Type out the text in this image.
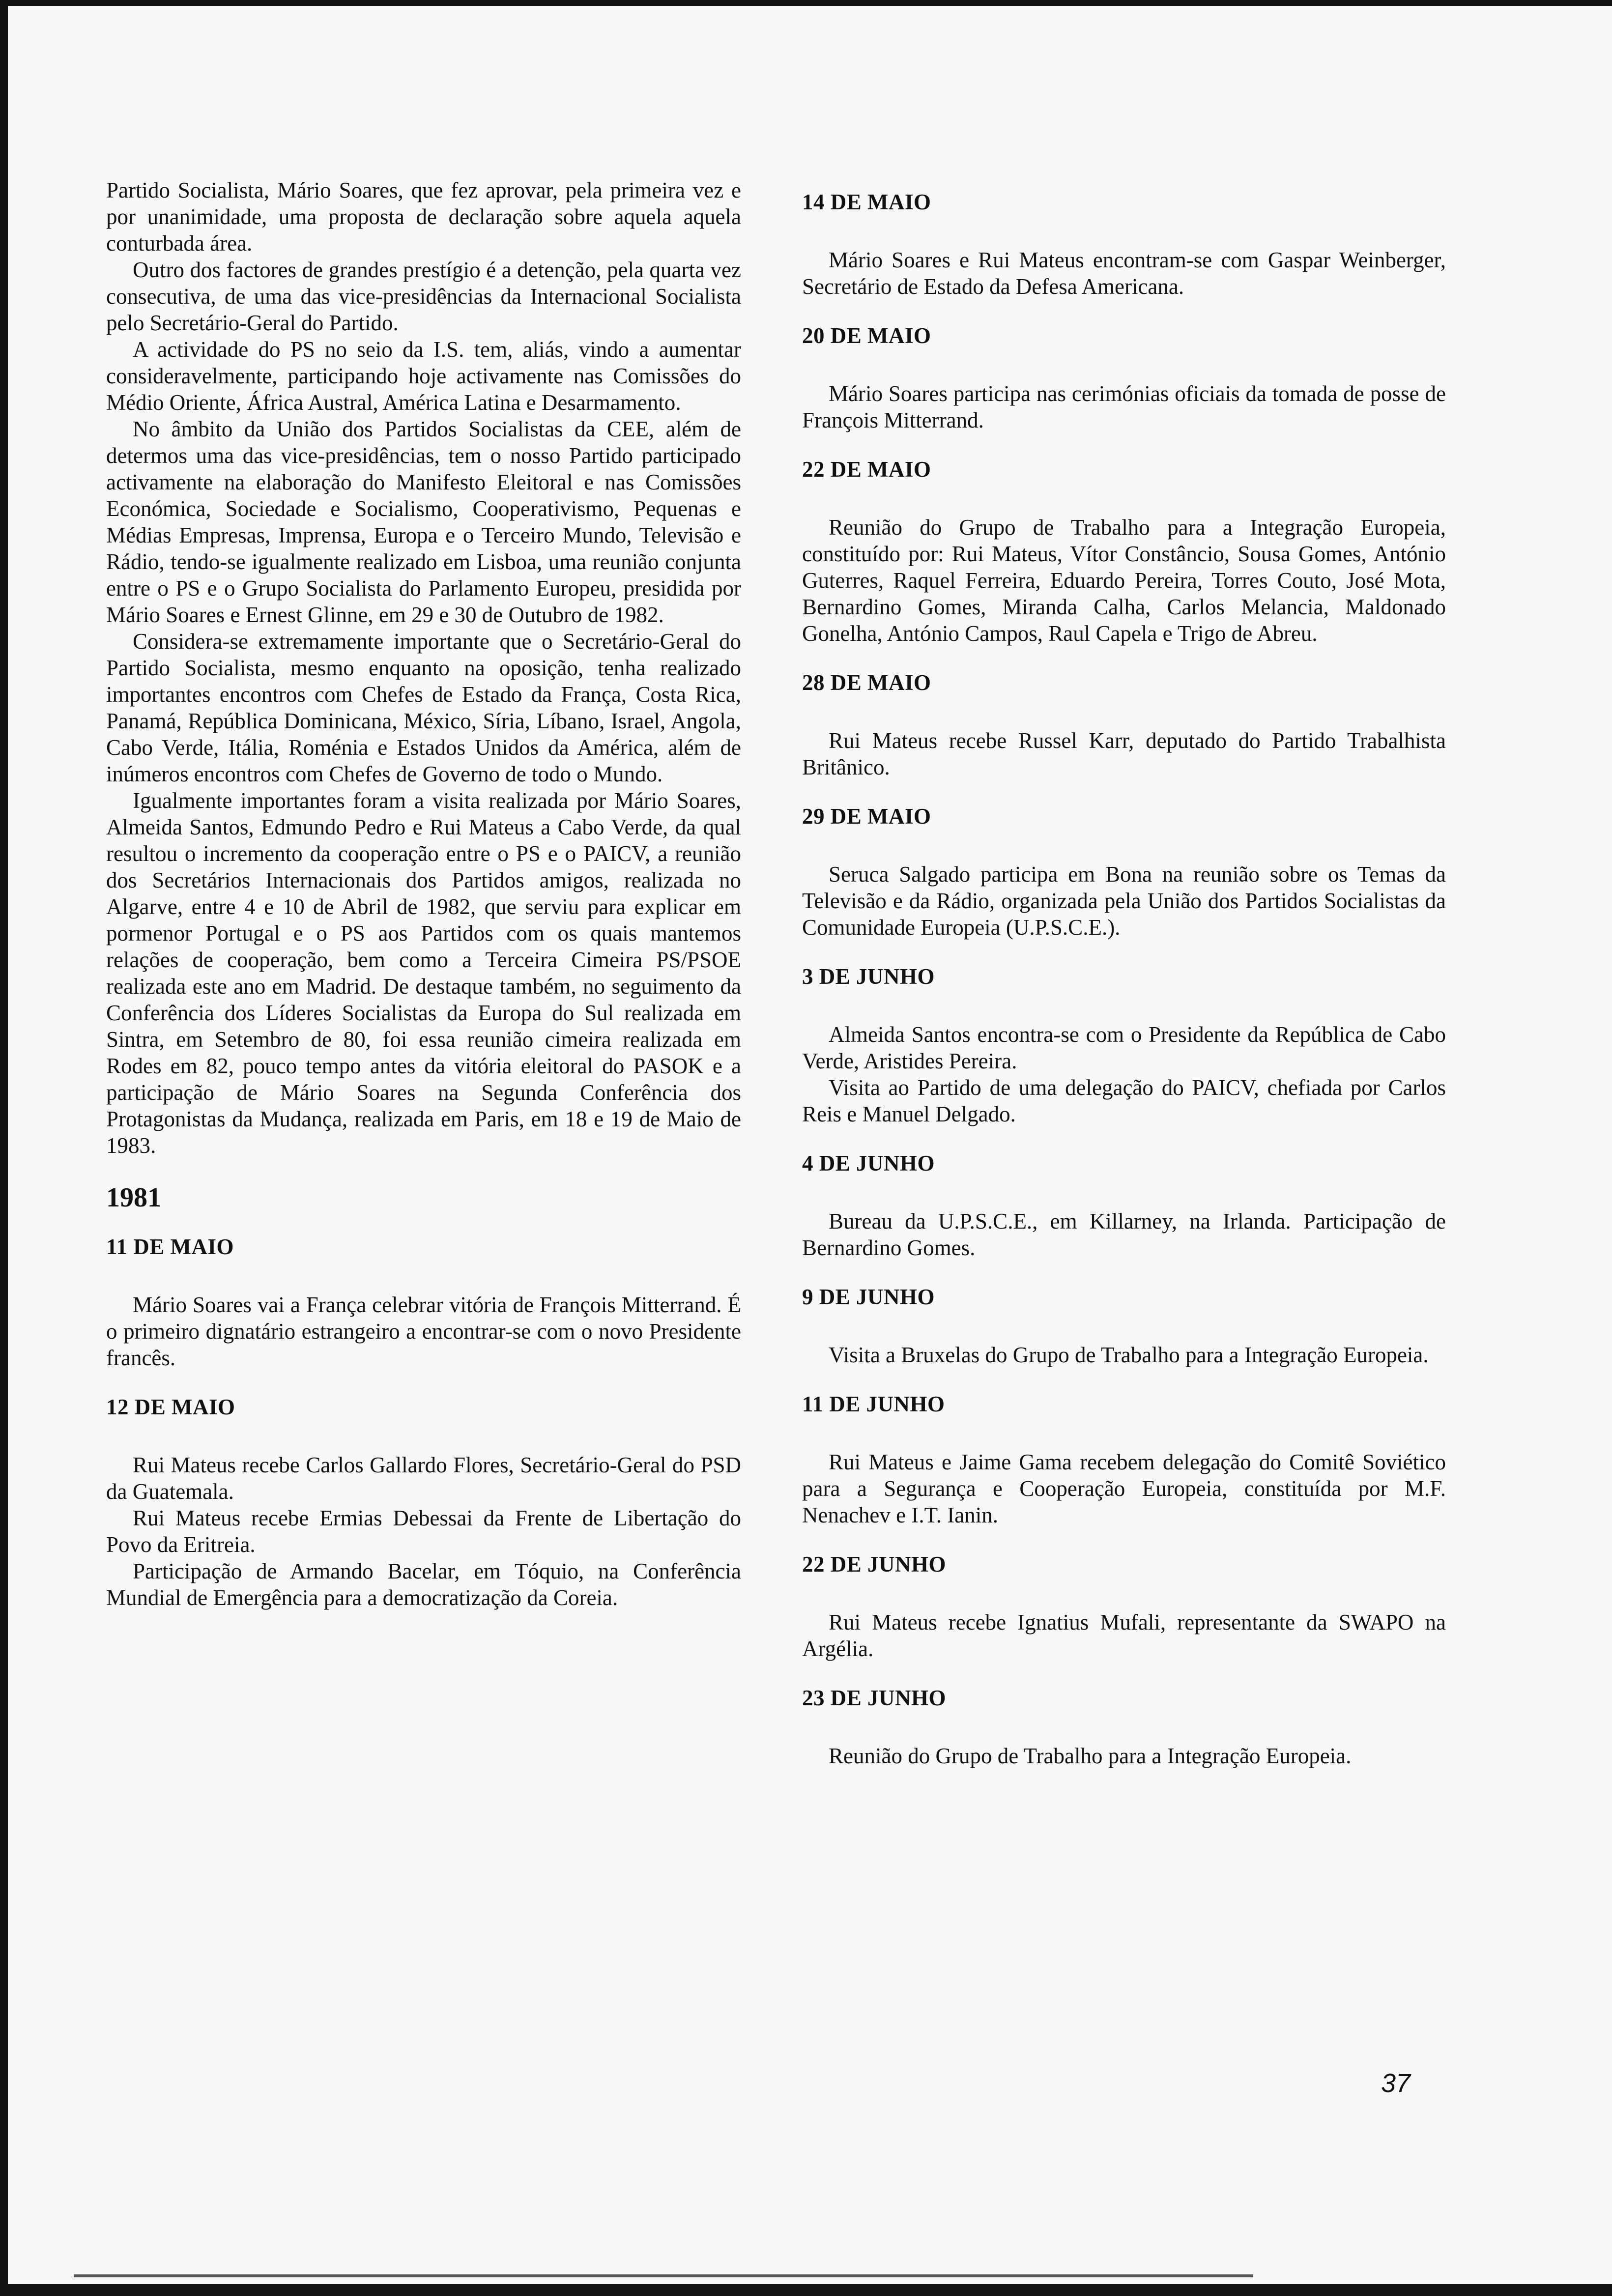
Partido Socialista, Mário Soares, que fez aprovar, pela primeira vez e por unanimidade, uma proposta de declaração sobre aquela aquela conturbada área.

Outro dos factores de grandes prestígio é a detenção, pela quarta vez consecutiva, de uma das vice-presidências da Internacional Socialista pelo Secretário-Geral do Partido.

A actividade do PS no seio da I.S. tem, aliás, vindo a aumentar consideravelmente, participando hoje activamente nas Comissões do Médio Oriente, África Austral, América Latina e Desarmamento.

No âmbito da União dos Partidos Socialistas da CEE, além de determos uma das vice-presidências, tem o nosso Partido participado activamente na elaboração do Manifesto Eleitoral e nas Comissões Económica, Sociedade e Socialismo, Cooperativismo, Pequenas e Médias Empresas, Imprensa, Europa e o Terceiro Mundo, Televisão e Rádio, tendo-se igualmente realizado em Lisboa, uma reunião conjunta entre o PS e o Grupo Socialista do Parlamento Europeu, presidida por Mário Soares e Ernest Glinne, em 29 e 30 de Outubro de 1982.

Considera-se extremamente importante que o Secretário-Geral do Partido Socialista, mesmo enquanto na oposição, tenha realizado importantes encontros com Chefes de Estado da França, Costa Rica, Panamá, República Dominicana, México, Síria, Líbano, Israel, Angola, Cabo Verde, Itália, Roménia e Estados Unidos da América, além de inúmeros encontros com Chefes de Governo de todo o Mundo.

Igualmente importantes foram a visita realizada por Mário Soares, Almeida Santos, Edmundo Pedro e Rui Mateus a Cabo Verde, da qual resultou o incremento da cooperação entre o PS e o PAICV, a reunião dos Secretários Internacionais dos Partidos amigos, realizada no Algarve, entre 4 e 10 de Abril de 1982, que serviu para explicar em pormenor Portugal e o PS aos Partidos com os quais mantemos relações de cooperação, bem como a Terceira Cimeira PS/PSOE realizada este ano em Madrid. De destaque também, no seguimento da Conferência dos Líderes Socialistas da Europa do Sul realizada em Sintra, em Setembro de 80, foi essa reunião cimeira realizada em Rodes em 82, pouco tempo antes da vitória eleitoral do PASOK e a participação de Mário Soares na Segunda Conferência dos Protagonistas da Mudança, realizada em Paris, em 18 e 19 de Maio de 1983.

1981
11 DE MAIO

Mário Soares vai a França celebrar vitória de François Mitterrand. É o primeiro dignatário estrangeiro a encontrar-se com o novo Presidente francês.

12 DE MAIO

Rui Mateus recebe Carlos Gallardo Flores, Secretário-Geral do PSD da Guatemala.

Rui Mateus recebe Ermias Debessai da Frente de Libertação do Povo da Eritreia.

Participação de Armando Bacelar, em Tóquio, na Conferência Mundial de Emergência para a democratização da Coreia.

14 DE MAIO

Mário Soares e Rui Mateus encontram-se com Gaspar Weinberger, Secretário de Estado da Defesa Americana.

20 DE MAIO

Mário Soares participa nas cerimónias oficiais da tomada de posse de François Mitterrand.

22 DE MAIO

Reunião do Grupo de Trabalho para a Integração Europeia, constituído por: Rui Mateus, Vítor Constâncio, Sousa Gomes, António Guterres, Raquel Ferreira, Eduardo Pereira, Torres Couto, José Mota, Bernardino Gomes, Miranda Calha, Carlos Melancia, Maldonado Gonelha, António Campos, Raul Capela e Trigo de Abreu.

28 DE MAIO

Rui Mateus recebe Russel Karr, deputado do Partido Trabalhista Britânico.

29 DE MAIO

Seruca Salgado participa em Bona na reunião sobre os Temas da Televisão e da Rádio, organizada pela União dos Partidos Socialistas da Comunidade Europeia (U.P.S.C.E.).

3 DE JUNHO

Almeida Santos encontra-se com o Presidente da República de Cabo Verde, Aristides Pereira.

Visita ao Partido de uma delegação do PAICV, chefiada por Carlos Reis e Manuel Delgado.

4 DE JUNHO

Bureau da U.P.S.C.E., em Killarney, na Irlanda. Participação de Bernardino Gomes.

9 DE JUNHO

Visita a Bruxelas do Grupo de Trabalho para a Integração Europeia.

11 DE JUNHO

Rui Mateus e Jaime Gama recebem delegação do Comitê Soviético para a Segurança e Cooperação Europeia, constituída por M.F. Nenachev e I.T. Ianin.

22 DE JUNHO

Rui Mateus recebe Ignatius Mufali, representante da SWAPO na Argélia.

23 DE JUNHO

Reunião do Grupo de Trabalho para a Integração Europeia.

37
